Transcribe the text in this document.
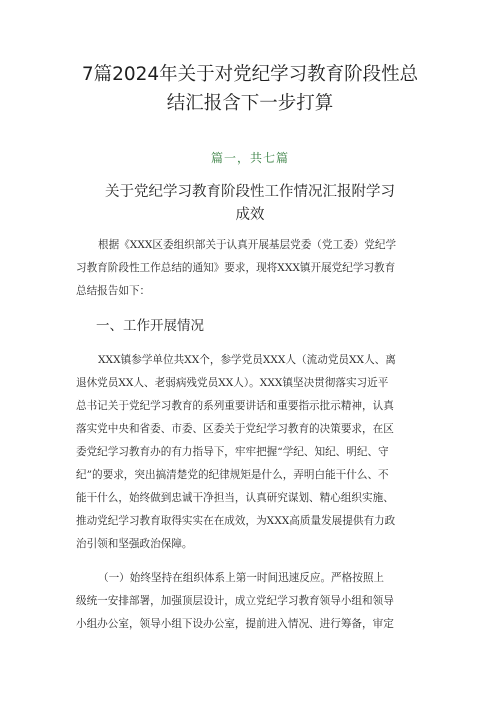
7篇2024年关于对党纪学习教育阶段性总
结汇报含下一步打算
篇一，共七篇
关于党纪学习教育阶段性工作情况汇报附学习
成效
根据《XXX区委组织部关于认真开展基层党委（党工委）党纪学
习教育阶段性工作总结的通知》要求，现将XXX镇开展党纪学习教育
总结报告如下：
一、工作开展情况
XXX镇参学单位共XX个，参学党员XXX人（流动党员XX人、离
退休党员XX人、老弱病残党员XX人）。XXX镇坚决贯彻落实习近平
总书记关于党纪学习教育的系列重要讲话和重要指示批示精神，认真
落实党中央和省委、市委、区委关于党纪学习教育的决策要求，在区
委党纪学习教育办的有力指导下，牢牢把握“学纪、知纪、明纪、守
纪”的要求，突出搞清楚党的纪律规矩是什么，弄明白能干什么、不
能干什么，始终做到忠诚干净担当，认真研究谋划、精心组织实施、
推动党纪学习教育取得实实在在成效，为XXX高质量发展提供有力政
治引领和坚强政治保障。
（一）始终坚持在组织体系上第一时间迅速反应。严格按照上
级统一安排部署，加强顶层设计，成立党纪学习教育领导小组和领导
小组办公室，领导小组下设办公室，提前进入情况、进行筹备，审定
